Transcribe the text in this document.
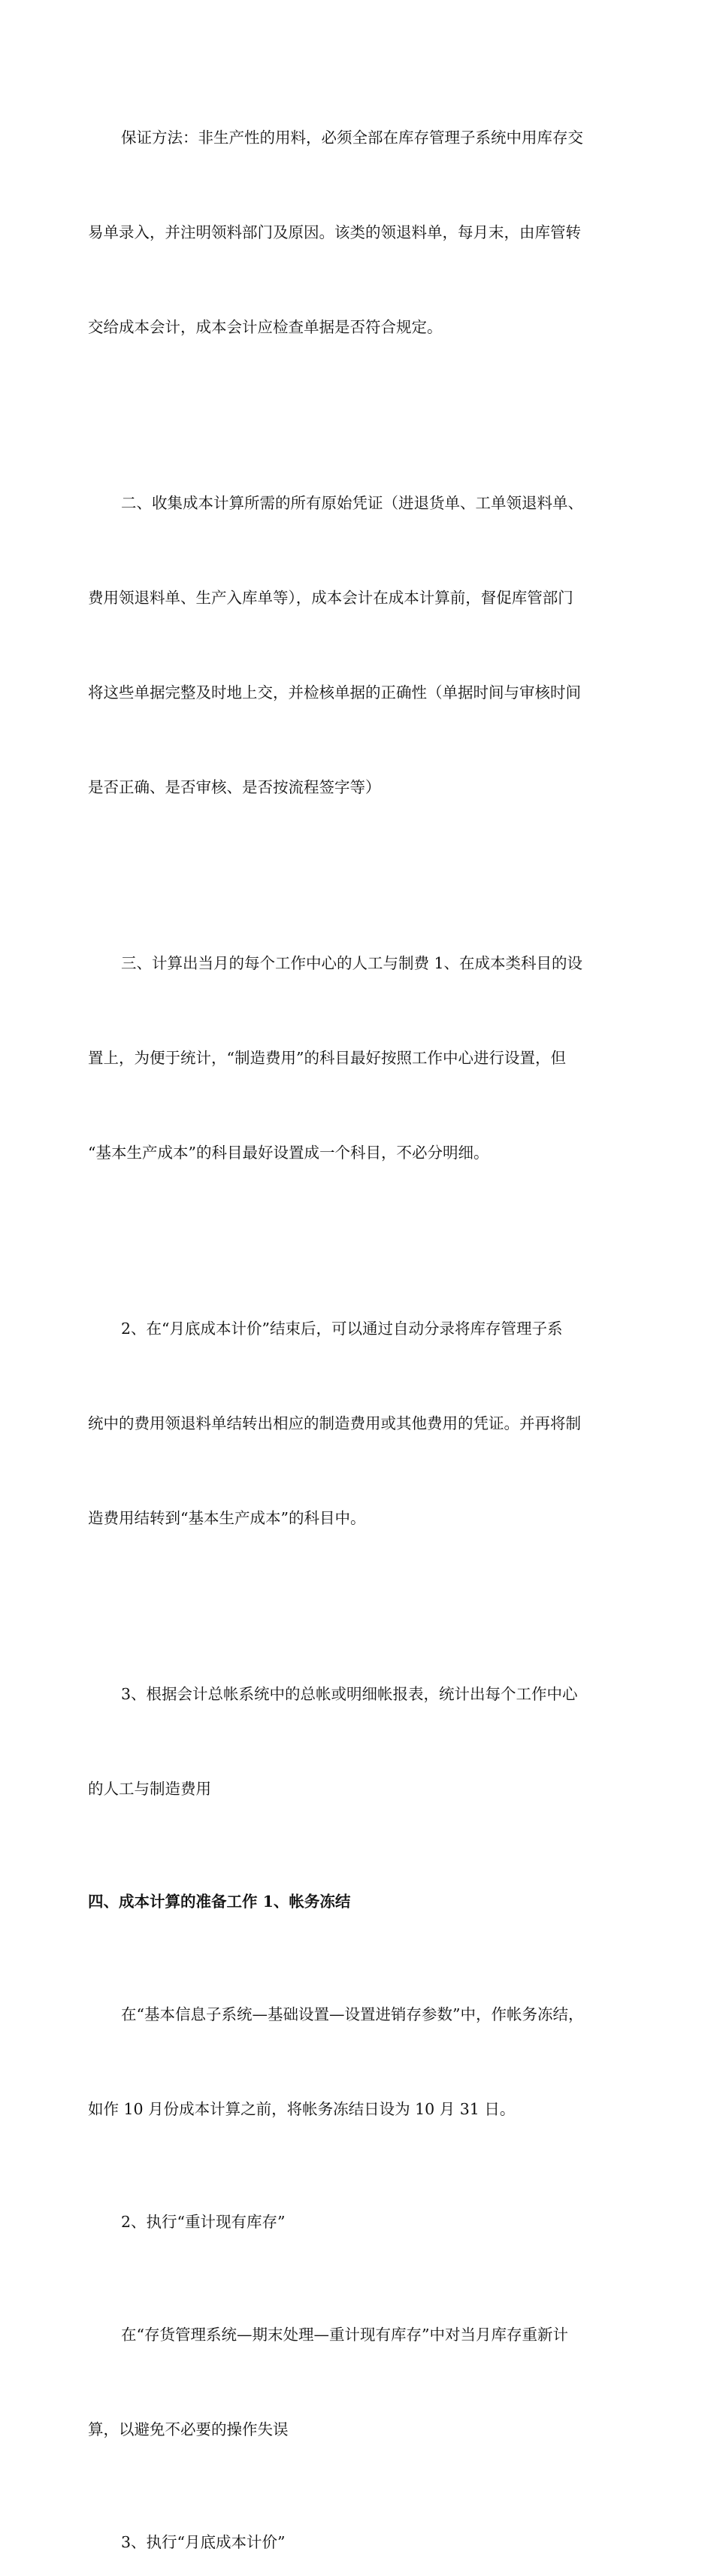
保证方法：非生产性的用料，必须全部在库存管理子系统中用库存交

易单录入，并注明领料部门及原因。该类的领退料单，每月末，由库管转

交给成本会计，成本会计应检查单据是否符合规定。

二、收集成本计算所需的所有原始凭证（进退货单、工单领退料单、

费用领退料单、生产入库单等），成本会计在成本计算前，督促库管部门

将这些单据完整及时地上交，并检核单据的正确性（单据时间与审核时间

是否正确、是否审核、是否按流程签字等）

三、计算出当月的每个工作中心的人工与制费 1、在成本类科目的设

置上，为便于统计，“制造费用”的科目最好按照工作中心进行设置，但

“基本生产成本”的科目最好设置成一个科目，不必分明细。

2、在“月底成本计价”结束后，可以通过自动分录将库存管理子系

统中的费用领退料单结转出相应的制造费用或其他费用的凭证。并再将制

造费用结转到“基本生产成本”的科目中。

3、根据会计总帐系统中的总帐或明细帐报表，统计出每个工作中心

的人工与制造费用

四、成本计算的准备工作 1、帐务冻结

在“基本信息子系统—基础设置—设置进销存参数”中，作帐务冻结，

如作 10 月份成本计算之前，将帐务冻结日设为 10 月 31 日。

2、执行“重计现有库存”

在“存货管理系统—期末处理—重计现有库存”中对当月库存重新计

算，以避免不必要的操作失误

3、执行“月底成本计价”
